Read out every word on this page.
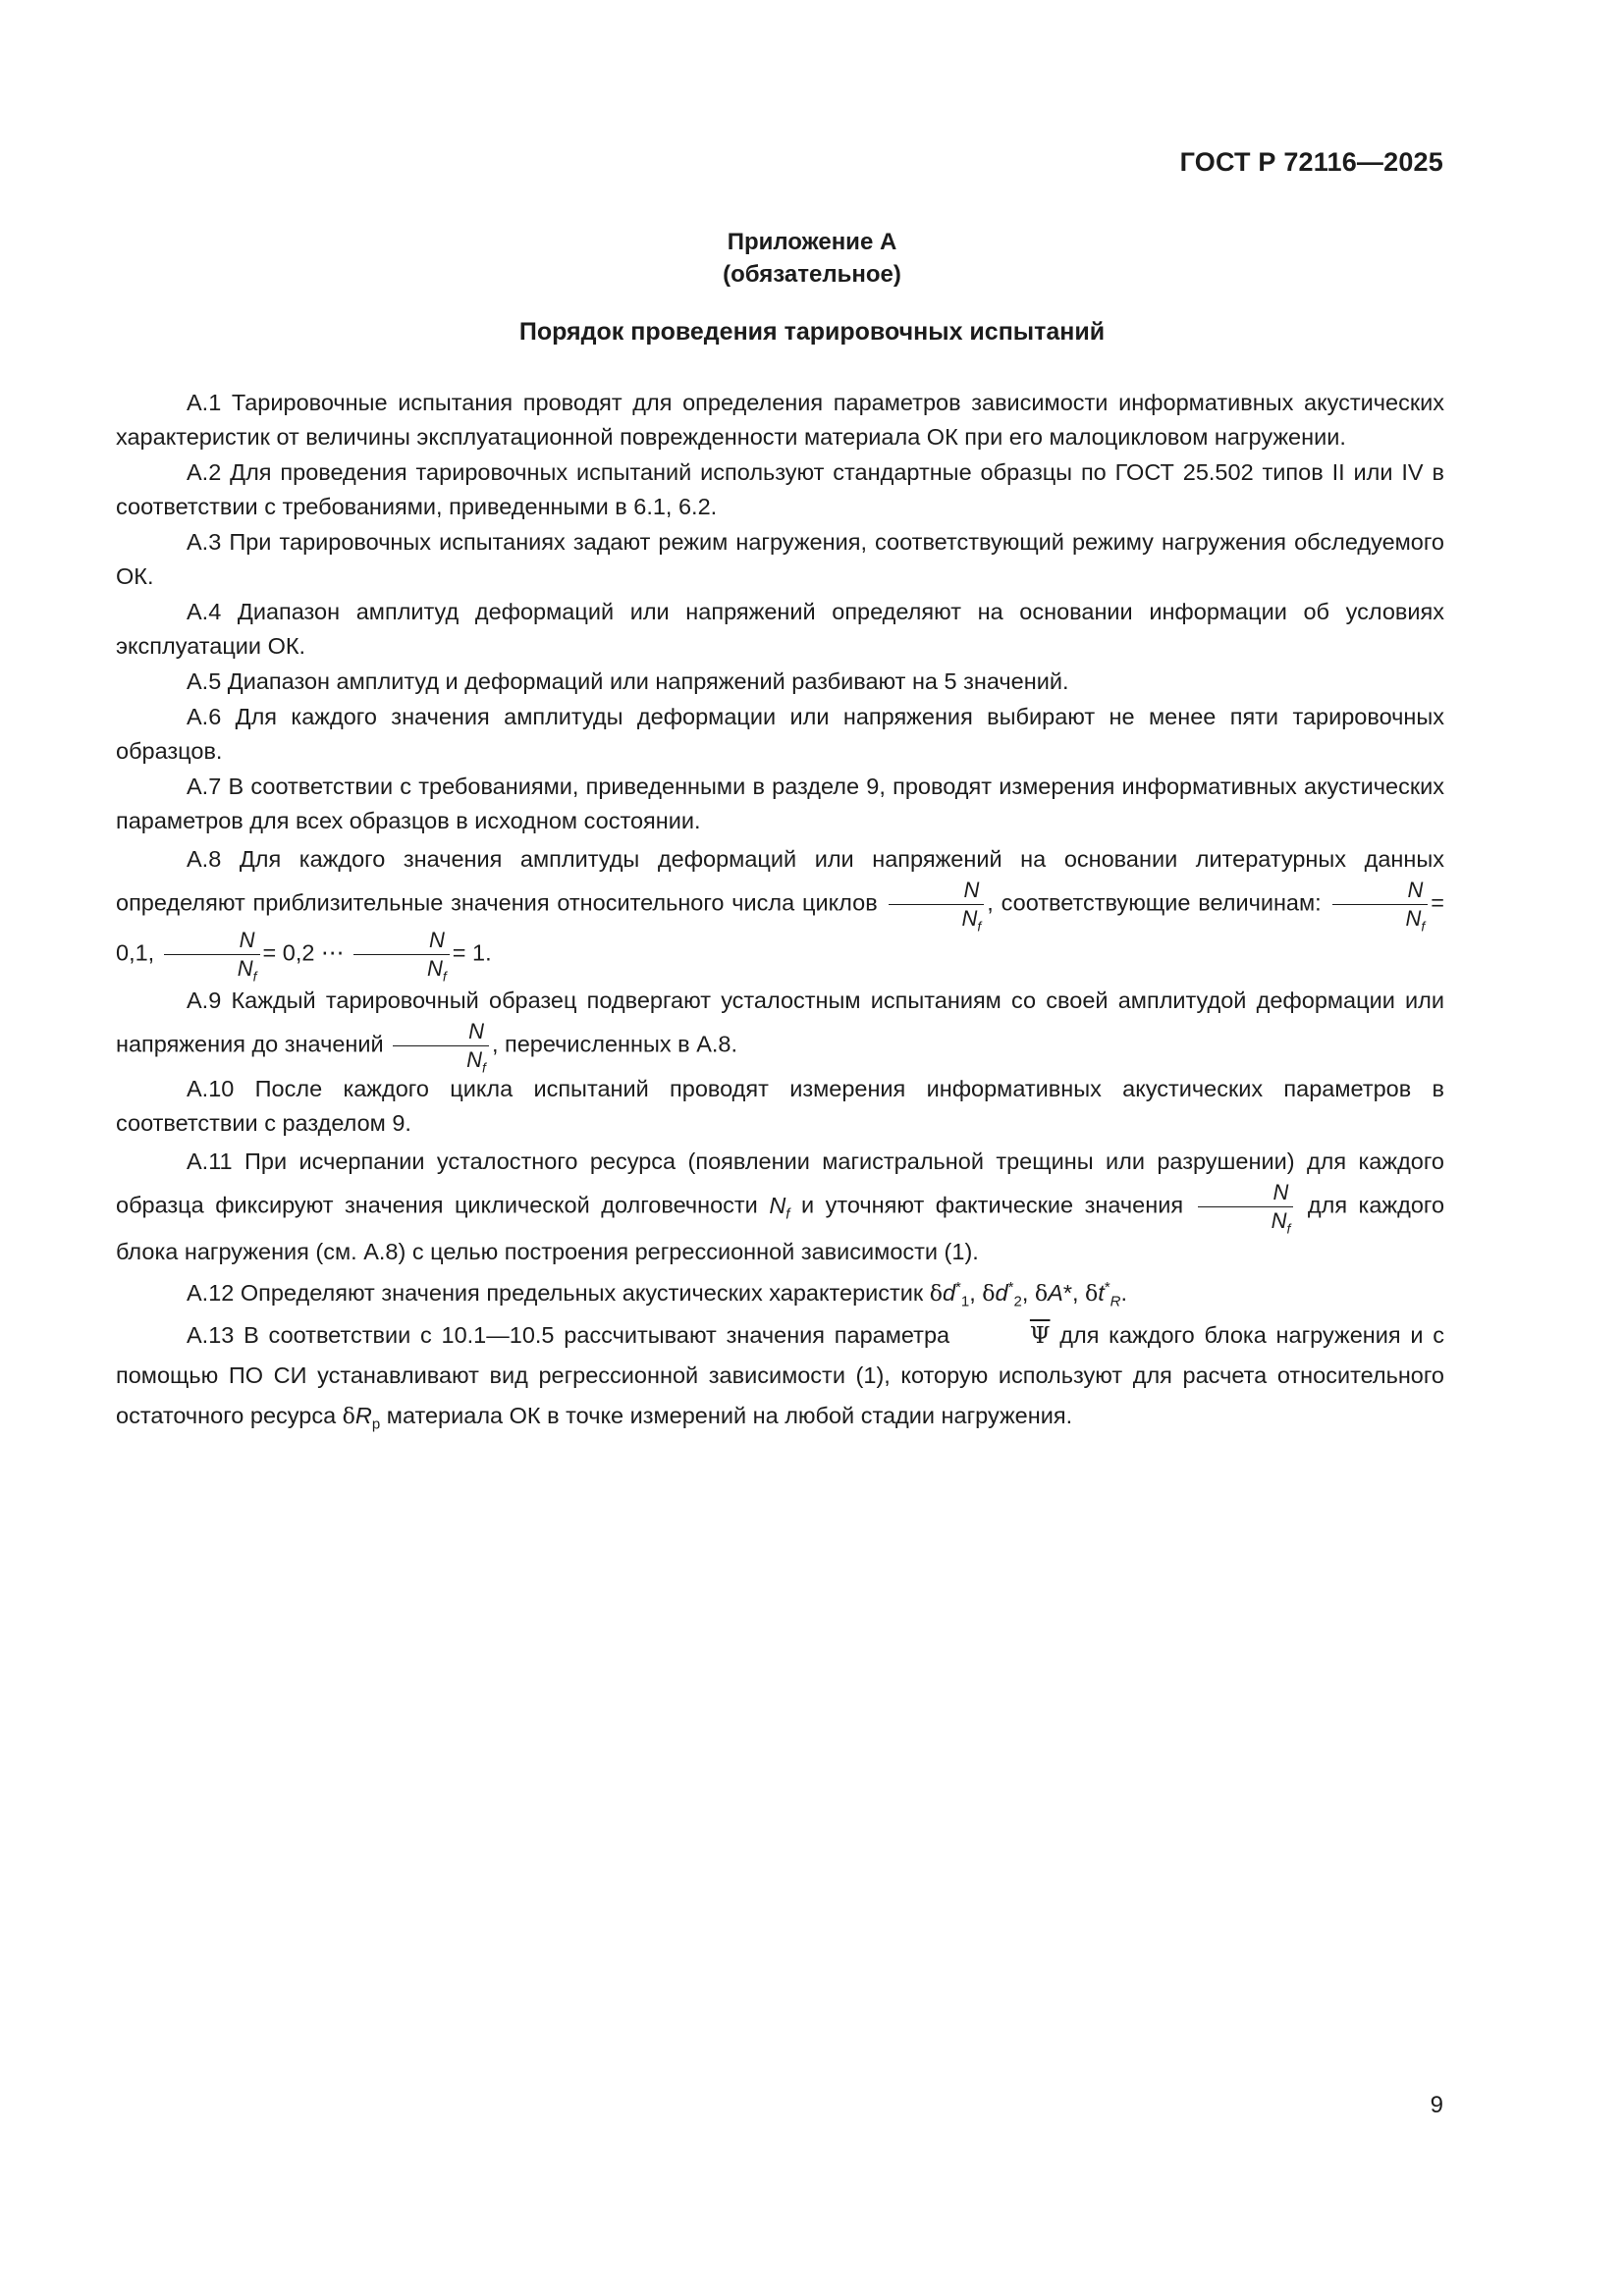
ГОСТ Р 72116—2025
Приложение А
(обязательное)
Порядок проведения тарировочных испытаний

А.1 Тарировочные испытания проводят для определения параметров зависимости информативных акустических характеристик от величины эксплуатационной поврежденности материала ОК при его малоцикловом нагружении.

А.2 Для проведения тарировочных испытаний используют стандартные образцы по ГОСТ 25.502 типов II или IV в соответствии с требованиями, приведенными в 6.1, 6.2.

А.3 При тарировочных испытаниях задают режим нагружения, соответствующий режиму нагружения обследуемого ОК.

А.4 Диапазон амплитуд деформаций или напряжений определяют на основании информации об условиях эксплуатации ОК.

А.5 Диапазон амплитуд и деформаций или напряжений разбивают на 5 значений.

А.6 Для каждого значения амплитуды деформации или напряжения выбирают не менее пяти тарировочных образцов.

А.7 В соответствии с требованиями, приведенными в разделе 9, проводят измерения информативных акустических параметров для всех образцов в исходном состоянии.

А.8 Для каждого значения амплитуды деформаций или напряжений на основании литературных данных определяют приблизительные значения относительного числа циклов $\frac{N}{N_f}$ , соответствующие величинам: $\frac{N}{N_f} = 0,1$, $\frac{N}{N_f} = 0,2$ ⋯ $\frac{N}{N_f} = 1$.

А.9 Каждый тарировочный образец подвергают усталостным испытаниям со своей амплитудой деформации или напряжения до значений $\frac{N}{N_f}$ , перечисленных в А.8.

А.10 После каждого цикла испытаний проводят измерения информативных акустических параметров в соответствии с разделом 9.

А.11 При исчерпании усталостного ресурса (появлении магистральной трещины или разрушении) для каждого образца фиксируют значения циклической долговечности $N_f$ и уточняют фактические значения $\frac{N}{N_f}$ для каждого блока нагружения (см. А.8) с целью построения регрессионной зависимости (1).

А.12 Определяют значения предельных акустических характеристик $\delta d^*_1$, $\delta d^*_2$, δA*, $\delta t^*_R$.

А.13 В соответствии с 10.1—10.5 рассчитывают значения параметра	$\overline{\Psi}$ для каждого блока нагружения и с помощью ПО СИ устанавливают вид регрессионной зависимости (1), которую используют для расчета относительного остаточного ресурса $\delta R_p$ материала ОК в точке измерений на любой стадии нагружения.

9
